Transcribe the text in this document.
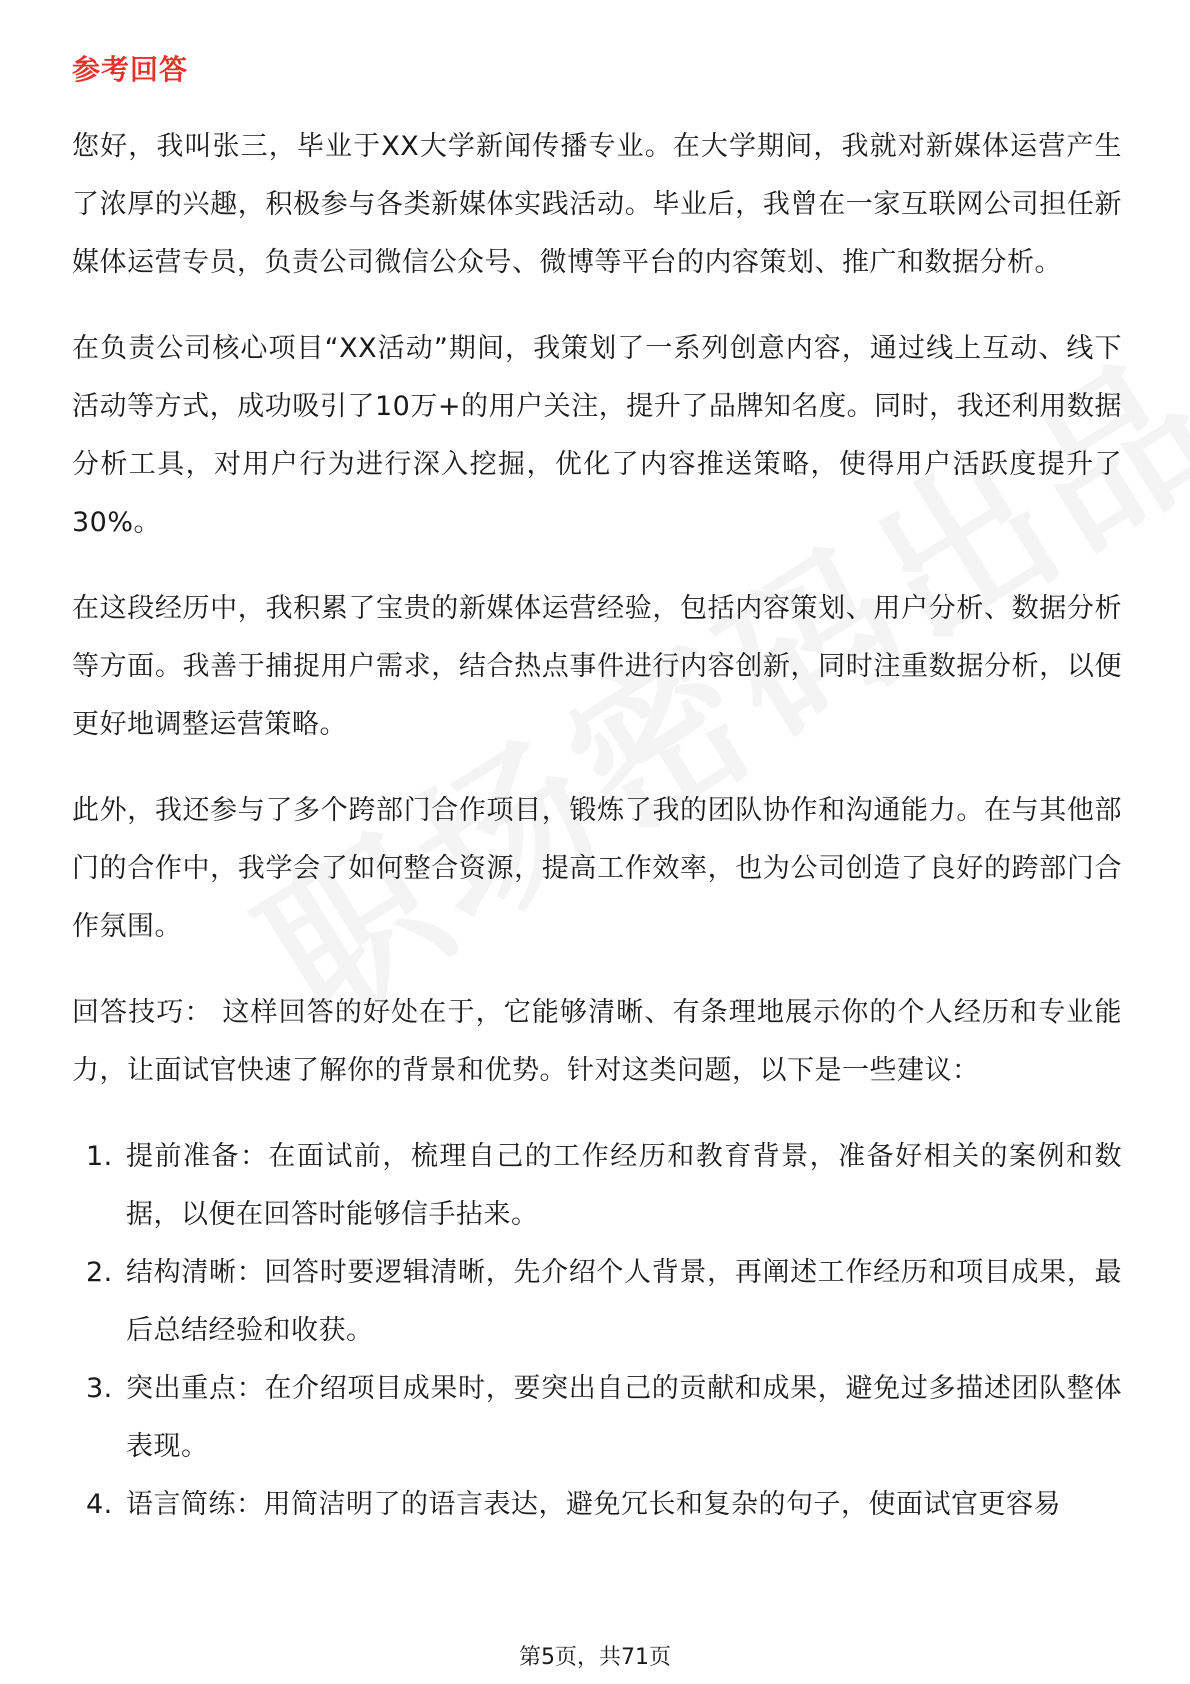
参考回答

您好，我叫张三，毕业于XX大学新闻传播专业。在大学期间，我就对新媒体运营产生了浓厚的兴趣，积极参与各类新媒体实践活动。毕业后，我曾在一家互联网公司担任新媒体运营专员，负责公司微信公众号、微博等平台的内容策划、推广和数据分析。

在负责公司核心项目“XX活动”期间，我策划了一系列创意内容，通过线上互动、线下活动等方式，成功吸引了10万+的用户关注，提升了品牌知名度。同时，我还利用数据分析工具，对用户行为进行深入挖掘，优化了内容推送策略，使得用户活跃度提升了30%。

在这段经历中，我积累了宝贵的新媒体运营经验，包括内容策划、用户分析、数据分析等方面。我善于捕捉用户需求，结合热点事件进行内容创新，同时注重数据分析，以便更好地调整运营策略。

此外，我还参与了多个跨部门合作项目，锻炼了我的团队协作和沟通能力。在与其他部门的合作中，我学会了如何整合资源，提高工作效率，也为公司创造了良好的跨部门合作氛围。

回答技巧： 这样回答的好处在于，它能够清晰、有条理地展示你的个人经历和专业能力，让面试官快速了解你的背景和优势。针对这类问题，以下是一些建议：

1. 提前准备：在面试前，梳理自己的工作经历和教育背景，准备好相关的案例和数据，以便在回答时能够信手拈来。
2. 结构清晰：回答时要逻辑清晰，先介绍个人背景，再阐述工作经历和项目成果，最后总结经验和收获。
3. 突出重点：在介绍项目成果时，要突出自己的贡献和成果，避免过多描述团队整体表现。
4. 语言简练：用简洁明了的语言表达，避免冗长和复杂的句子，使面试官更容易
第5页，共71页
